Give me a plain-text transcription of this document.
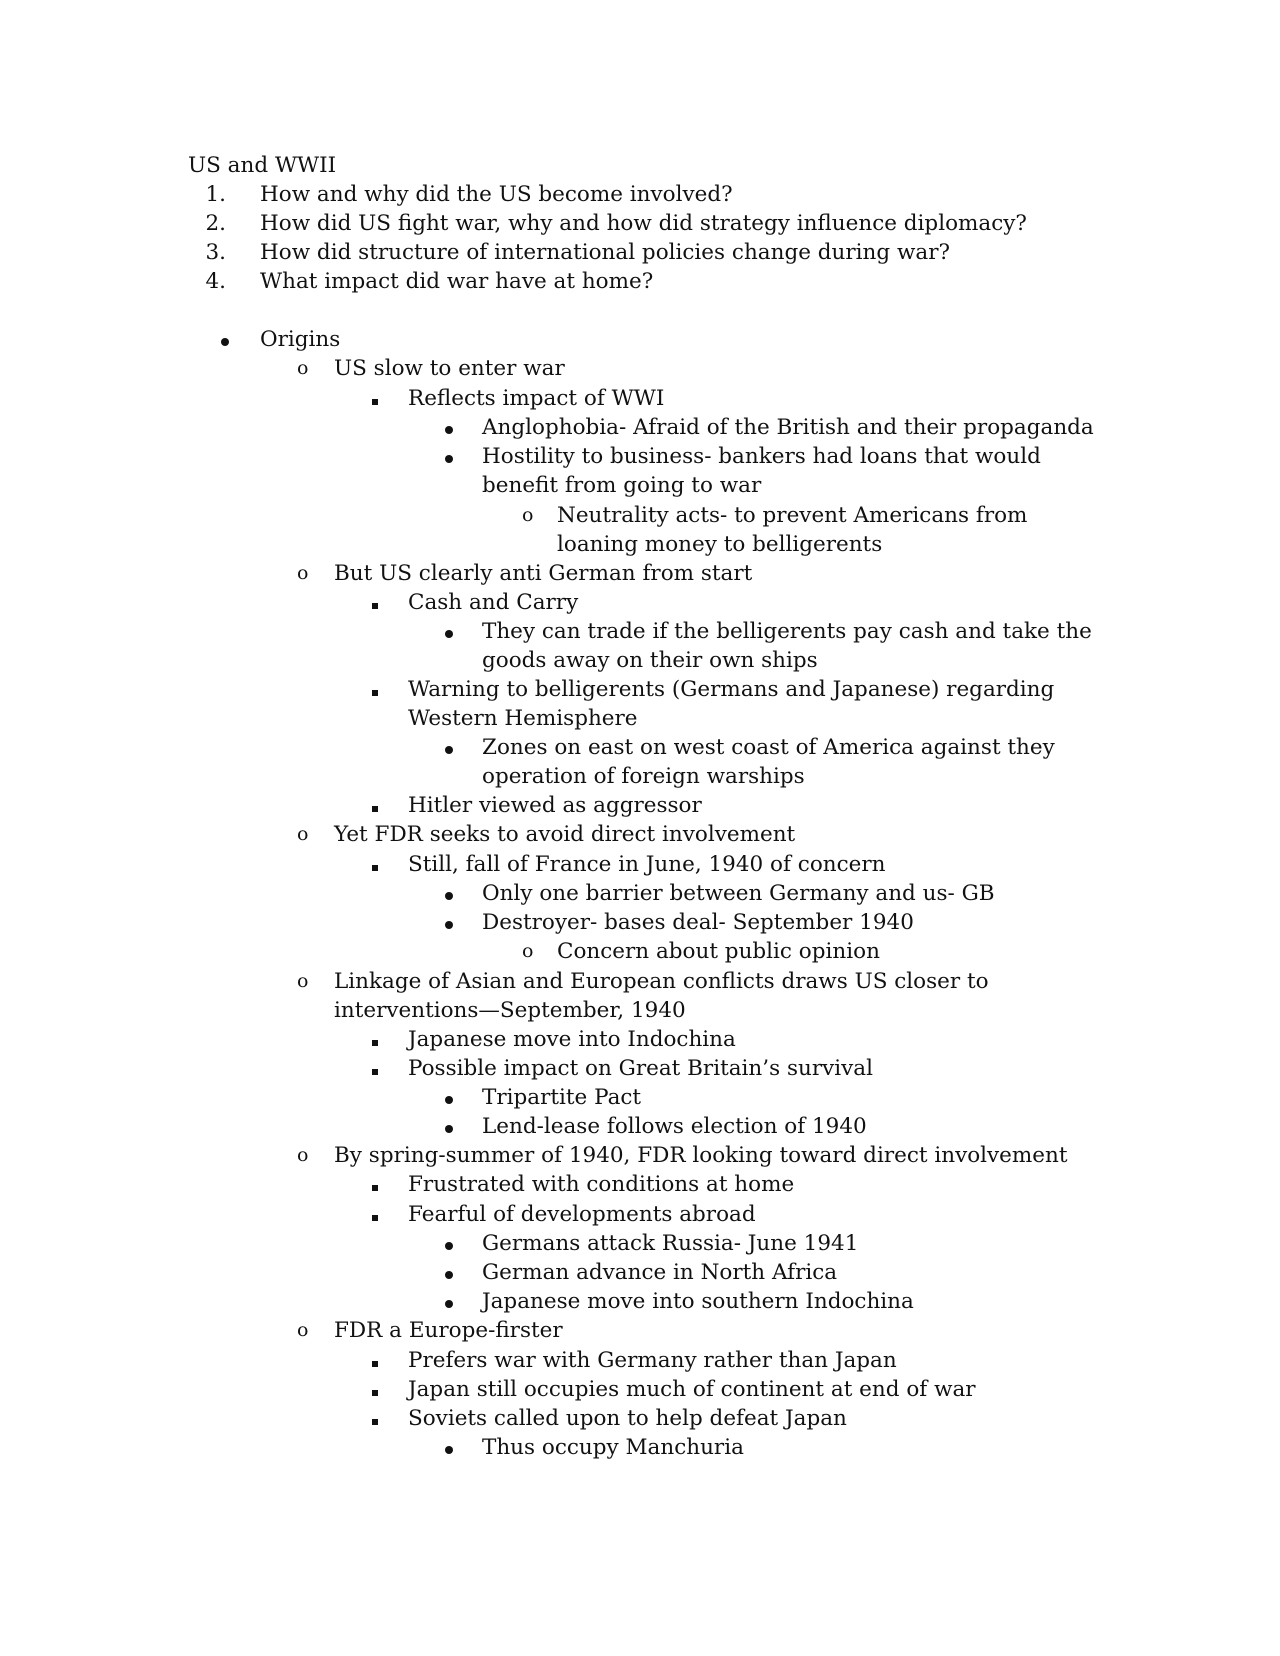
US and WWII
1. How and why did the US become involved?
2. How did US fight war, why and how did strategy influence diplomacy?
3. How did structure of international policies change during war?
4. What impact did war have at home?
Origins
o US slow to enter war
Reflects impact of WWI
Anglophobia- Afraid of the British and their propaganda
Hostility to business- bankers had loans that would
benefit from going to war
o Neutrality acts- to prevent Americans from
loaning money to belligerents
o But US clearly anti German from start
Cash and Carry
They can trade if the belligerents pay cash and take the
goods away on their own ships
Warning to belligerents (Germans and Japanese) regarding
Western Hemisphere
Zones on east on west coast of America against they
operation of foreign warships
Hitler viewed as aggressor
o Yet FDR seeks to avoid direct involvement
Still, fall of France in June, 1940 of concern
Only one barrier between Germany and us- GB
Destroyer- bases deal- September 1940
o Concern about public opinion
o Linkage of Asian and European conflicts draws US closer to
interventions—September, 1940
Japanese move into Indochina
Possible impact on Great Britain’s survival
Tripartite Pact
Lend-lease follows election of 1940
o By spring-summer of 1940, FDR looking toward direct involvement
Frustrated with conditions at home
Fearful of developments abroad
Germans attack Russia- June 1941
German advance in North Africa
Japanese move into southern Indochina
o FDR a Europe-firster
Prefers war with Germany rather than Japan
Japan still occupies much of continent at end of war
Soviets called upon to help defeat Japan
Thus occupy Manchuria
